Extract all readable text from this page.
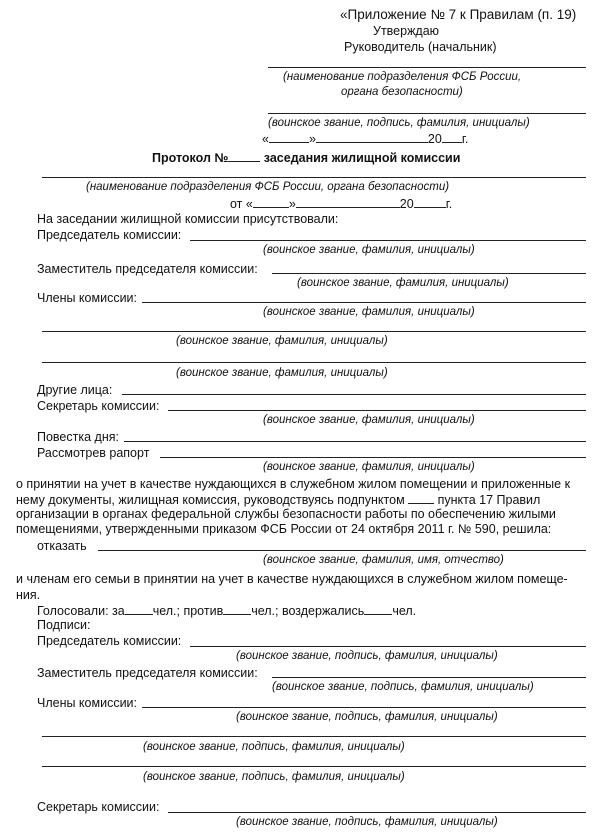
«Приложение № 7 к Правилам (п. 19)
Утверждаю
Руководитель (начальник)
(наименование подразделения ФСБ России,
органа безопасности)
(воинское звание, подпись, фамилия, инициалы)
«	»	20 г.
Протокол №	заседания жилищной комиссии
(наименование подразделения ФСБ России, органа безопасности)
от «	»	20	г.
На заседании жилищной комиссии присутствовали:
Председатель комиссии:
(воинское звание, фамилия, инициалы)
Заместитель председателя комиссии:
(воинское звание, фамилия, инициалы)
Члены комиссии:
(воинское звание, фамилия, инициалы)
(воинское звание, фамилия, инициалы)
(воинское звание, фамилия, инициалы)
Другие лица:
Секретарь комиссии:
(воинское звание, фамилия, инициалы)
Повестка дня:
Рассмотрев рапорт
(воинское звание, фамилия, инициалы)
о принятии на учет в качестве нуждающихся в служебном жилом помещении и приложенные к
нему документы, жилищная комиссия, руководствуясь подпунктом  пункта 17 Правил
организации в органах федеральной службы безопасности работы по обеспечению жилыми
помещениями, утвержденными приказом ФСБ России от 24 октября 2011 г. № 590, решила:
отказать
(воинское звание, фамилия, имя, отчество)
и членам его семьи в принятии на учет в качестве нуждающихся в служебном жилом помеще-
ния.
Голосовали: за чел.; против чел.; воздержались чел.
Подписи:
Председатель комиссии:
(воинское звание, подпись, фамилия, инициалы)
Заместитель председателя комиссии:
(воинское звание, подпись, фамилия, инициалы)
Члены комиссии:
(воинское звание, подпись, фамилия, инициалы)
(воинское звание, подпись, фамилия, инициалы)
(воинское звание, подпись, фамилия, инициалы)
Секретарь комиссии:
(воинское звание, подпись, фамилия, инициалы)
